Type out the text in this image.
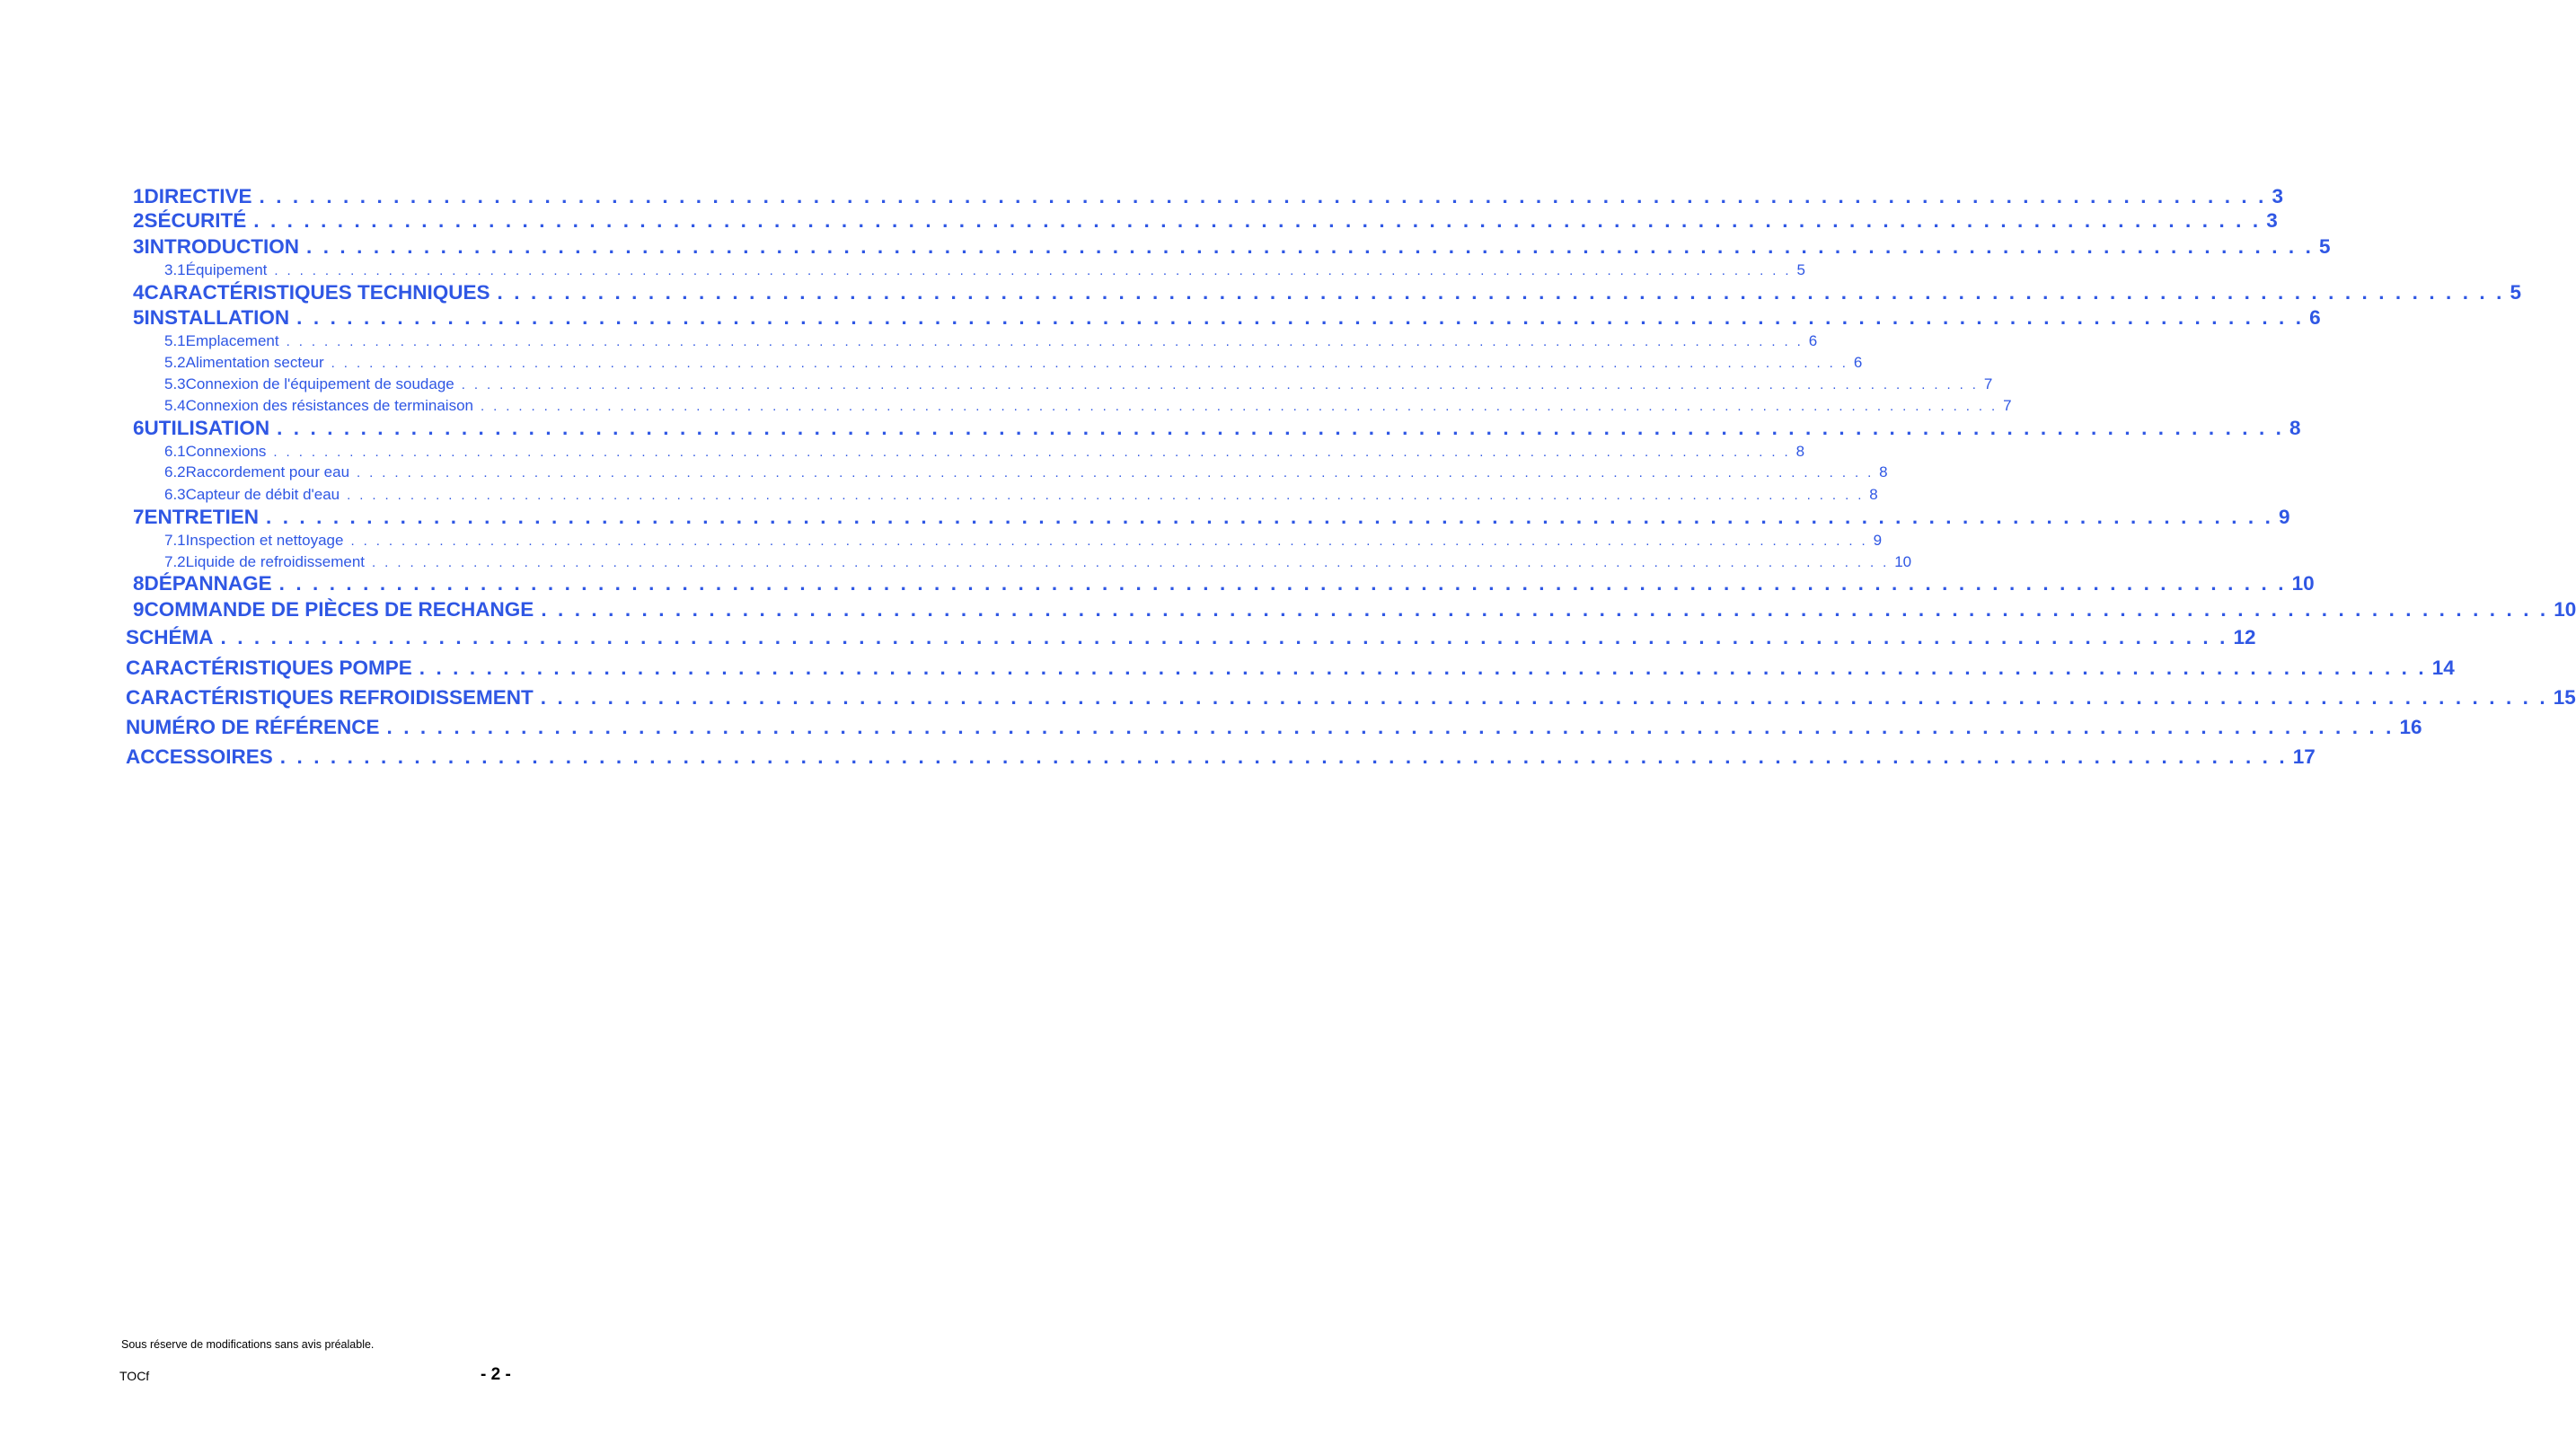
1 DIRECTIVE . . . . . . . . . . . . . . . . . . . . . . . . . . . . . . . . . . . . . . . . . . . . . . . . . . . . . . . . . . . . . . . . . . . . . . . . . . . . . . . . . . . . . . . . . . . . . . . . . . . . . . . . . . . . . . . . . . . . . . . . 3
2 SÉCURITÉ . . . . . . . . . . . . . . . . . . . . . . . . . . . . . . . . . . . . . . . . . . . . . . . . . . . . . . . . . . . . . . . . . . . . . . . . . . . . . . . . . . . . . . . . . . . . . . . . . . . . . . . . . . . . . . . . . . . . . . . . 3
3 INTRODUCTION . . . . . . . . . . . . . . . . . . . . . . . . . . . . . . . . . . . . . . . . . . . . . . . . . . . . . . . . . . . . . . . . . . . . . . . . . . . . . . . . . . . . . . . . . . . . . . . . . . . . . . . . . . . . . . . . . . . . . . . . 5
3.1 Équipement . . . . . . . . . . . . . . . . . . . . . . . . . . . . . . . . . . . . . . . . . . . . . . . . . . . . . . . . . . . . . . . . . . . . . . . . . . . . . . . . . . . . . . . . . . . . . . . . . . . . . . . . . . . . . . . . . . . . . . . . 5
4 CARACTÉRISTIQUES TECHNIQUES . . . . . . . . . . . . . . . . . . . . . . . . . . . . . . . . . . . . . . . . . . . . . . . . . . . . . . . . . . . . . . . . . . . . . . . . . . . . . . . . . . . . . . . . . . . . . . . . . . . . . . . . . . . . . . . . . . . . . . . . 5
5 INSTALLATION . . . . . . . . . . . . . . . . . . . . . . . . . . . . . . . . . . . . . . . . . . . . . . . . . . . . . . . . . . . . . . . . . . . . . . . . . . . . . . . . . . . . . . . . . . . . . . . . . . . . . . . . . . . . . . . . . . . . . . . . 6
5.1 Emplacement . . . . . . . . . . . . . . . . . . . . . . . . . . . . . . . . . . . . . . . . . . . . . . . . . . . . . . . . . . . . . . . . . . . . . . . . . . . . . . . . . . . . . . . . . . . . . . . . . . . . . . . . . . . . . . . . . . . . . . . . 6
5.2 Alimentation secteur . . . . . . . . . . . . . . . . . . . . . . . . . . . . . . . . . . . . . . . . . . . . . . . . . . . . . . . . . . . . . . . . . . . . . . . . . . . . . . . . . . . . . . . . . . . . . . . . . . . . . . . . . . . . . . . . . . . . . . . . 6
5.3 Connexion de l'équipement de soudage . . . . . . . . . . . . . . . . . . . . . . . . . . . . . . . . . . . . . . . . . . . . . . . . . . . . . . . . . . . . . . . . . . . . . . . . . . . . . . . . . . . . . . . . . . . . . . . . . . . . . . . . . . . . . . . . . . . . . . . . 7
5.4 Connexion des résistances de terminaison . . . . . . . . . . . . . . . . . . . . . . . . . . . . . . . . . . . . . . . . . . . . . . . . . . . . . . . . . . . . . . . . . . . . . . . . . . . . . . . . . . . . . . . . . . . . . . . . . . . . . . . . . . . . . . . . . . . . . . . . 7
6 UTILISATION . . . . . . . . . . . . . . . . . . . . . . . . . . . . . . . . . . . . . . . . . . . . . . . . . . . . . . . . . . . . . . . . . . . . . . . . . . . . . . . . . . . . . . . . . . . . . . . . . . . . . . . . . . . . . . . . . . . . . . . . 8
6.1 Connexions . . . . . . . . . . . . . . . . . . . . . . . . . . . . . . . . . . . . . . . . . . . . . . . . . . . . . . . . . . . . . . . . . . . . . . . . . . . . . . . . . . . . . . . . . . . . . . . . . . . . . . . . . . . . . . . . . . . . . . . . 8
6.2 Raccordement pour eau . . . . . . . . . . . . . . . . . . . . . . . . . . . . . . . . . . . . . . . . . . . . . . . . . . . . . . . . . . . . . . . . . . . . . . . . . . . . . . . . . . . . . . . . . . . . . . . . . . . . . . . . . . . . . . . . . . . . . . . . 8
6.3 Capteur de débit d'eau . . . . . . . . . . . . . . . . . . . . . . . . . . . . . . . . . . . . . . . . . . . . . . . . . . . . . . . . . . . . . . . . . . . . . . . . . . . . . . . . . . . . . . . . . . . . . . . . . . . . . . . . . . . . . . . . . . . . . . . . 8
7 ENTRETIEN . . . . . . . . . . . . . . . . . . . . . . . . . . . . . . . . . . . . . . . . . . . . . . . . . . . . . . . . . . . . . . . . . . . . . . . . . . . . . . . . . . . . . . . . . . . . . . . . . . . . . . . . . . . . . . . . . . . . . . . . 9
7.1 Inspection et nettoyage . . . . . . . . . . . . . . . . . . . . . . . . . . . . . . . . . . . . . . . . . . . . . . . . . . . . . . . . . . . . . . . . . . . . . . . . . . . . . . . . . . . . . . . . . . . . . . . . . . . . . . . . . . . . . . . . . . . . . . . . 9
7.2 Liquide de refroidissement . . . . . . . . . . . . . . . . . . . . . . . . . . . . . . . . . . . . . . . . . . . . . . . . . . . . . . . . . . . . . . . . . . . . . . . . . . . . . . . . . . . . . . . . . . . . . . . . . . . . . . . . . . . . . . . . . . . . . . . . 10
8 DÉPANNAGE . . . . . . . . . . . . . . . . . . . . . . . . . . . . . . . . . . . . . . . . . . . . . . . . . . . . . . . . . . . . . . . . . . . . . . . . . . . . . . . . . . . . . . . . . . . . . . . . . . . . . . . . . . . . . . . . . . . . . . . . 10
9 COMMANDE DE PIÈCES DE RECHANGE . . . . . . . . . . . . . . . . . . . . . . . . . . . . . . . . . . . . . . . . . . . . . . . . . . . . . . . . . . . . . . . . . . . . . . . . . . . . . . . . . . . . . . . . . . . . . . . . . . . . . . . . . . . . . . . . . . . . . . . . 10
SCHÉMA . . . . . . . . . . . . . . . . . . . . . . . . . . . . . . . . . . . . . . . . . . . . . . . . . . . . . . . . . . . . . . . . . . . . . . . . . . . . . . . . . . . . . . . . . . . . . . . . . . . . . . . . . . . . . . . . . . . . . . . . 12
CARACTÉRISTIQUES POMPE . . . . . . . . . . . . . . . . . . . . . . . . . . . . . . . . . . . . . . . . . . . . . . . . . . . . . . . . . . . . . . . . . . . . . . . . . . . . . . . . . . . . . . . . . . . . . . . . . . . . . . . . . . . . . . . . . . . . . . . . 14
CARACTÉRISTIQUES REFROIDISSEMENT . . . . . . . . . . . . . . . . . . . . . . . . . . . . . . . . . . . . . . . . . . . . . . . . . . . . . . . . . . . . . . . . . . . . . . . . . . . . . . . . . . . . . . . . . . . . . . . . . . . . . . . . . . . . . . . . . . . . . . . . 15
NUMÉRO DE RÉFÉRENCE . . . . . . . . . . . . . . . . . . . . . . . . . . . . . . . . . . . . . . . . . . . . . . . . . . . . . . . . . . . . . . . . . . . . . . . . . . . . . . . . . . . . . . . . . . . . . . . . . . . . . . . . . . . . . . . . . . . . . . . . 16
ACCESSOIRES . . . . . . . . . . . . . . . . . . . . . . . . . . . . . . . . . . . . . . . . . . . . . . . . . . . . . . . . . . . . . . . . . . . . . . . . . . . . . . . . . . . . . . . . . . . . . . . . . . . . . . . . . . . . . . . . . . . . . . . . 17
Sous réserve de modifications sans avis préalable.
TOCf	- 2 -
